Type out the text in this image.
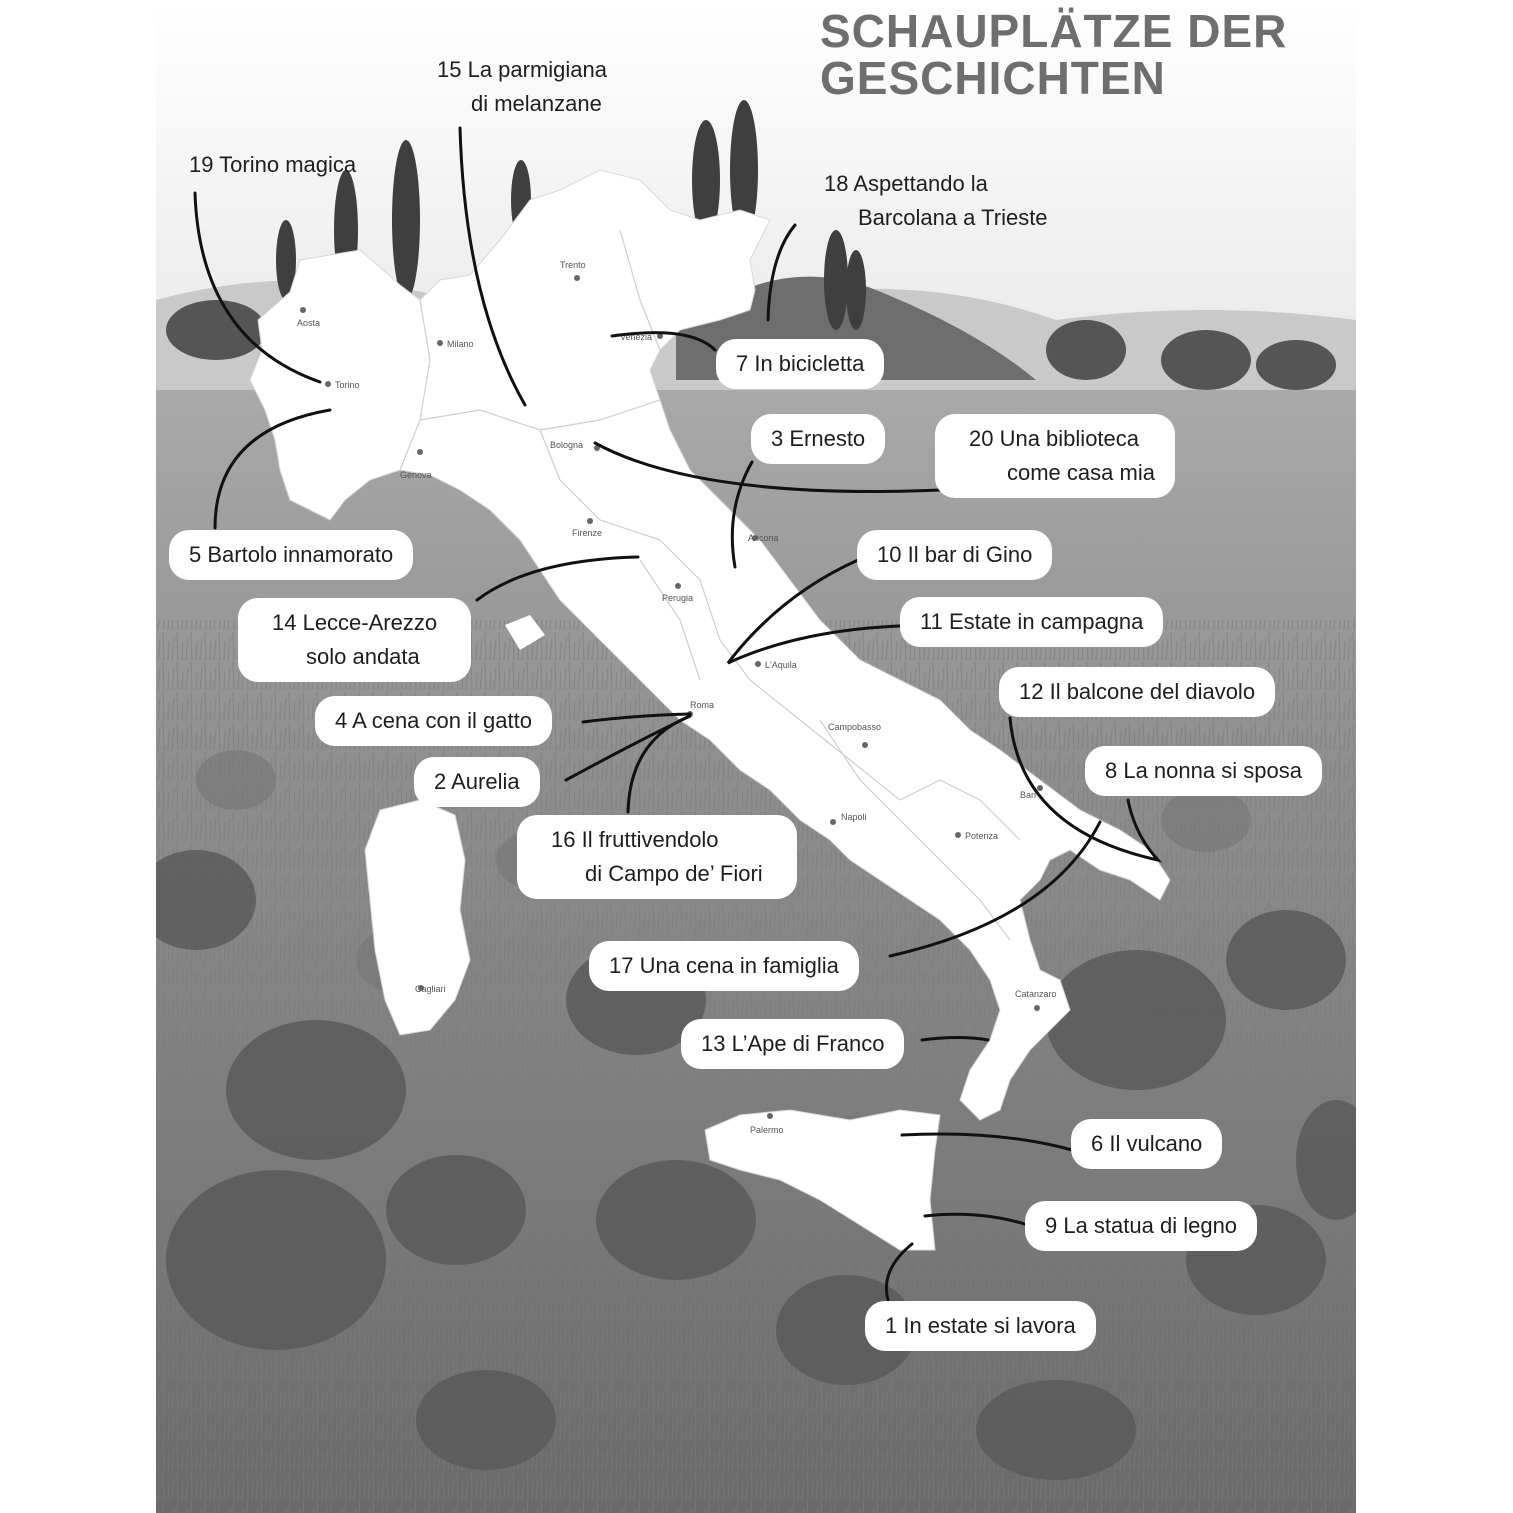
Aosta
Torino
Milano
Genova
Trento
Venezia
Bologna
Firenze	Ancona
Perugia
L'Aquila
Roma
Campobasso
Napoli
Bari
Potenza
Cagliari	Catanzaro
Palermo
SCHAUPLÄTZE DER
GESCHICHTEN
15 La parmigiana
di melanzane
19 Torino magica
18 Aspettando la
Barcolana a Trieste
7 In bicicletta
3 Ernesto	20 Una biblioteca
come casa mia
5 Bartolo innamorato	10 Il bar di Gino
11 Estate in campagna
14 Lecce-Arezzo
solo andata
12 Il balcone del diavolo
4 A cena con il gatto
8 La nonna si sposa
2 Aurelia
16 Il fruttivendolo
di Campo de’ Fiori
17 Una cena in famiglia
13 L’Ape di Franco
6 Il vulcano
9 La statua di legno
1 In estate si lavora
